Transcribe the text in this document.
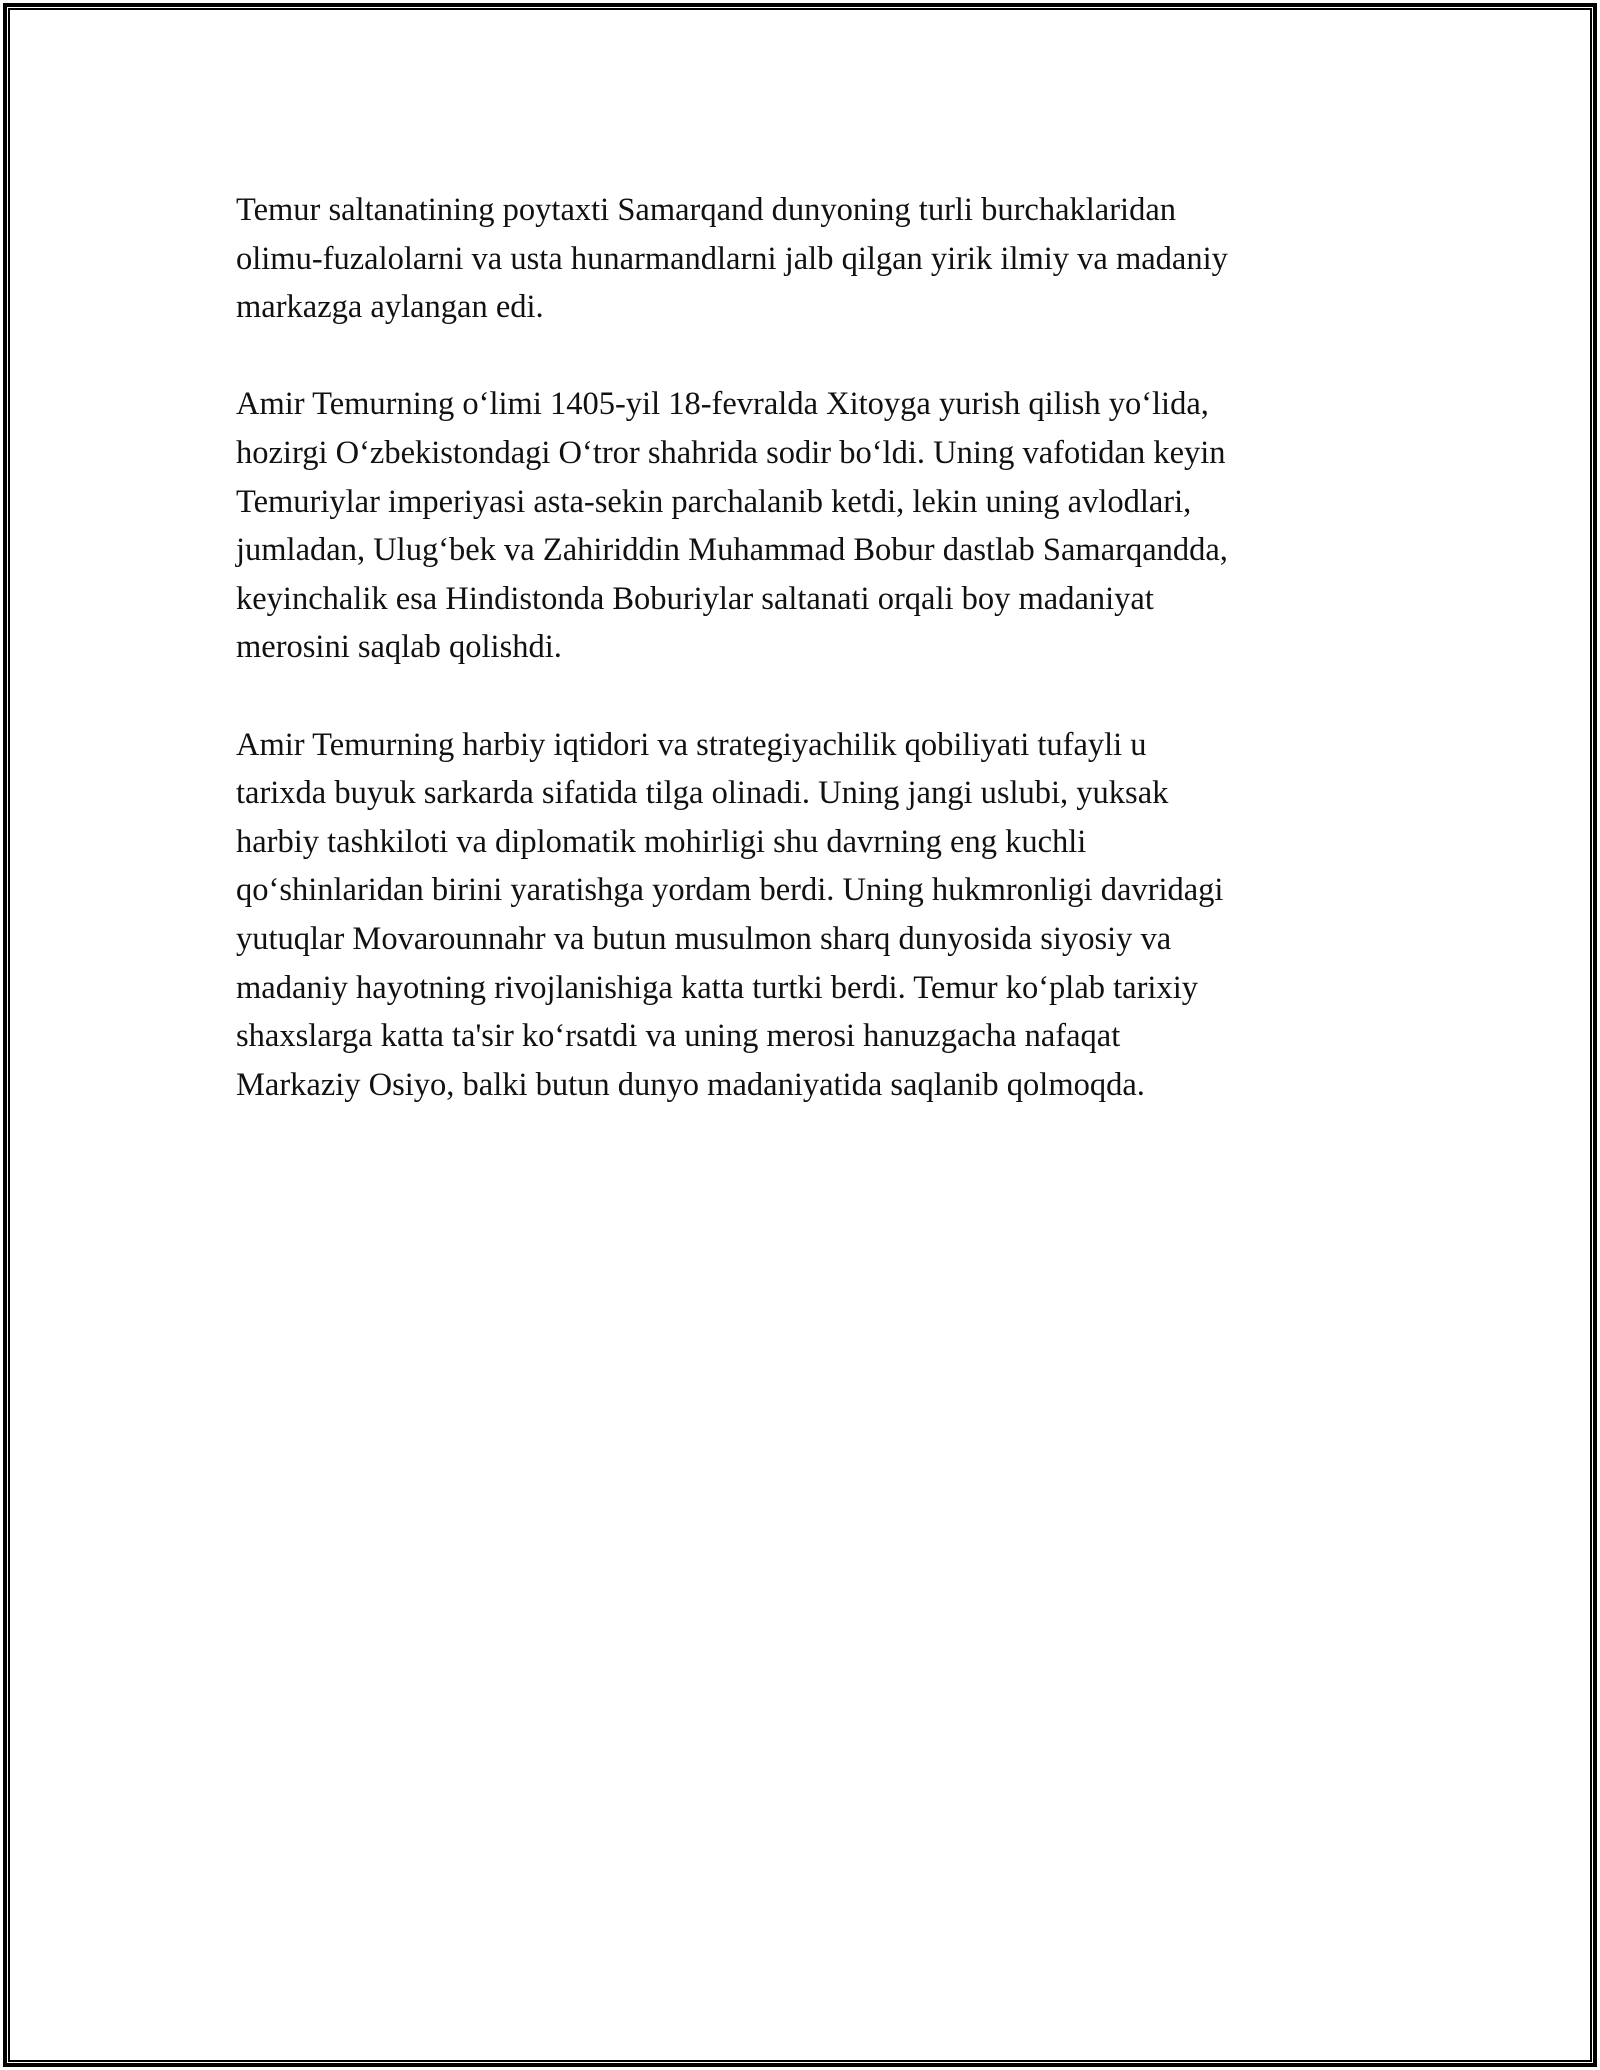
Temur saltanatining poytaxti Samarqand dunyoning turli burchaklaridan
olimu-fuzalolarni va usta hunarmandlarni jalb qilgan yirik ilmiy va madaniy
markazga aylangan edi.

Amir Temurning o‘limi 1405-yil 18-fevralda Xitoyga yurish qilish yo‘lida,
hozirgi O‘zbekistondagi O‘tror shahrida sodir bo‘ldi. Uning vafotidan keyin
Temuriylar imperiyasi asta-sekin parchalanib ketdi, lekin uning avlodlari,
jumladan, Ulug‘bek va Zahiriddin Muhammad Bobur dastlab Samarqandda,
keyinchalik esa Hindistonda Boburiylar saltanati orqali boy madaniyat
merosini saqlab qolishdi.

Amir Temurning harbiy iqtidori va strategiyachilik qobiliyati tufayli u
tarixda buyuk sarkarda sifatida tilga olinadi. Uning jangi uslubi, yuksak
harbiy tashkiloti va diplomatik mohirligi shu davrning eng kuchli
qo‘shinlaridan birini yaratishga yordam berdi. Uning hukmronligi davridagi
yutuqlar Movarounnahr va butun musulmon sharq dunyosida siyosiy va
madaniy hayotning rivojlanishiga katta turtki berdi. Temur ko‘plab tarixiy
shaxslarga katta ta'sir ko‘rsatdi va uning merosi hanuzgacha nafaqat
Markaziy Osiyo, balki butun dunyo madaniyatida saqlanib qolmoqda.
